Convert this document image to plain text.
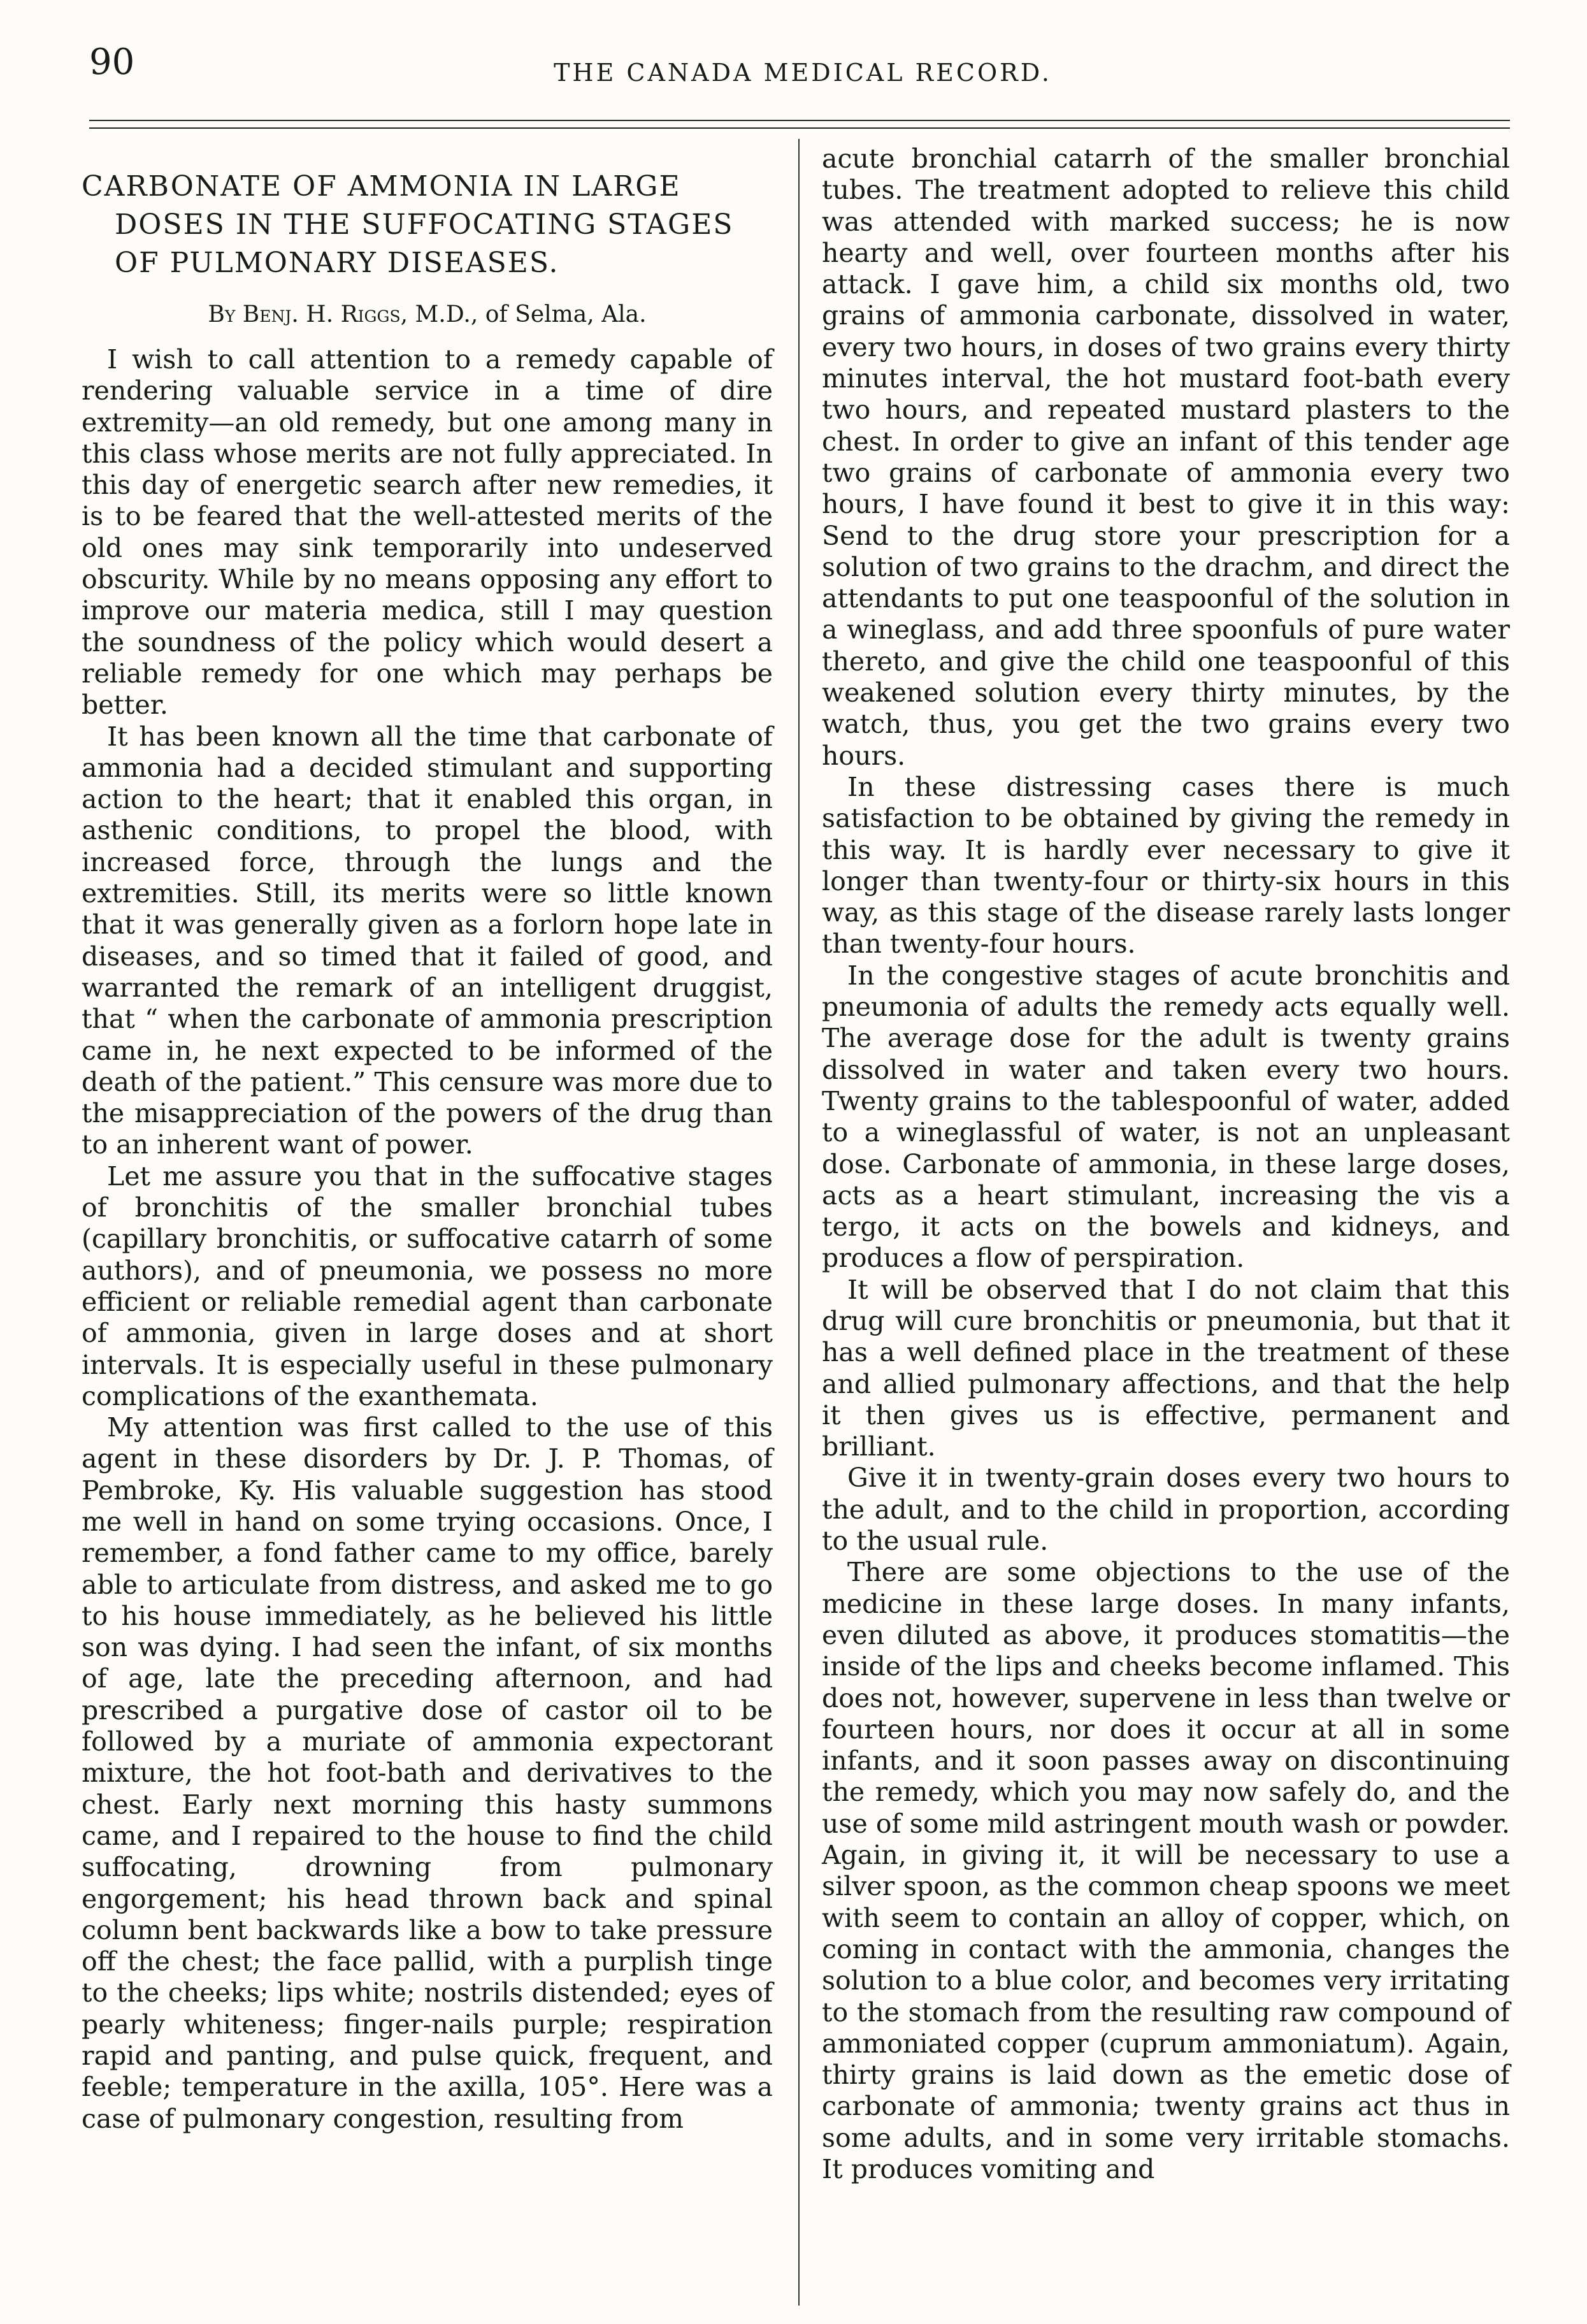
90	THE CANADA MEDICAL RECORD.
CARBONATE OF AMMONIA IN LARGE DOSES IN THE SUFFOCATING STAGES OF PULMONARY DISEASES.
By Benj. H. Riggs, M.D., of Selma, Ala.

I wish to call attention to a remedy capable of rendering valuable service in a time of dire extremity—an old remedy, but one among many in this class whose merits are not fully appreciated. In this day of energetic search after new remedies, it is to be feared that the well-attested merits of the old ones may sink temporarily into undeserved obscurity. While by no means opposing any effort to improve our materia medica, still I may question the soundness of the policy which would desert a reliable remedy for one which may perhaps be better.

It has been known all the time that carbonate of ammonia had a decided stimulant and supporting action to the heart; that it enabled this organ, in asthenic conditions, to propel the blood, with increased force, through the lungs and the extremities. Still, its merits were so little known that it was generally given as a forlorn hope late in diseases, and so timed that it failed of good, and warranted the remark of an intelligent druggist, that “ when the carbonate of ammonia prescription came in, he next expected to be informed of the death of the patient.” This censure was more due to the misappreciation of the powers of the drug than to an inherent want of power.

Let me assure you that in the suffocative stages of bronchitis of the smaller bronchial tubes (capillary bronchitis, or suffocative catarrh of some authors), and of pneumonia, we possess no more efficient or reliable remedial agent than carbonate of ammonia, given in large doses and at short intervals. It is especially useful in these pulmonary complications of the exanthemata.

My attention was first called to the use of this agent in these disorders by Dr. J. P. Thomas, of Pembroke, Ky. His valuable suggestion has stood me well in hand on some trying occasions. Once, I remember, a fond father came to my office, barely able to articulate from distress, and asked me to go to his house immediately, as he believed his little son was dying. I had seen the infant, of six months of age, late the preceding afternoon, and had prescribed a purgative dose of castor oil to be followed by a muriate of ammonia expectorant mixture, the hot foot-bath and derivatives to the chest. Early next morning this hasty summons came, and I repaired to the house to find the child suffocating, drowning from pulmonary engorgement; his head thrown back and spinal column bent backwards like a bow to take pressure off the chest; the face pallid, with a purplish tinge to the cheeks; lips white; nostrils distended; eyes of pearly whiteness; finger-nails purple; respiration rapid and panting, and pulse quick, frequent, and feeble; temperature in the axilla, 105°. Here was a case of pulmonary congestion, resulting from

acute bronchial catarrh of the smaller bronchial tubes. The treatment adopted to relieve this child was attended with marked success; he is now hearty and well, over fourteen months after his attack. I gave him, a child six months old, two grains of ammonia carbonate, dissolved in water, every two hours, in doses of two grains every thirty minutes interval, the hot mustard foot-bath every two hours, and repeated mustard plasters to the chest. In order to give an infant of this tender age two grains of carbonate of ammonia every two hours, I have found it best to give it in this way: Send to the drug store your prescription for a solution of two grains to the drachm, and direct the attendants to put one teaspoonful of the solution in a wineglass, and add three spoonfuls of pure water thereto, and give the child one teaspoonful of this weakened solution every thirty minutes, by the watch, thus, you get the two grains every two hours.

In these distressing cases there is much satisfaction to be obtained by giving the remedy in this way. It is hardly ever necessary to give it longer than twenty-four or thirty-six hours in this way, as this stage of the disease rarely lasts longer than twenty-four hours.

In the congestive stages of acute bronchitis and pneumonia of adults the remedy acts equally well. The average dose for the adult is twenty grains dissolved in water and taken every two hours. Twenty grains to the tablespoonful of water, added to a wineglassful of water, is not an unpleasant dose. Carbonate of ammonia, in these large doses, acts as a heart stimulant, increasing the vis a tergo, it acts on the bowels and kidneys, and produces a flow of perspiration.

It will be observed that I do not claim that this drug will cure bronchitis or pneumonia, but that it has a well defined place in the treatment of these and allied pulmonary affections, and that the help it then gives us is effective, permanent and brilliant.

Give it in twenty-grain doses every two hours to the adult, and to the child in proportion, according to the usual rule.

There are some objections to the use of the medicine in these large doses. In many infants, even diluted as above, it produces stomatitis—the inside of the lips and cheeks become inflamed. This does not, however, supervene in less than twelve or fourteen hours, nor does it occur at all in some infants, and it soon passes away on discontinuing the remedy, which you may now safely do, and the use of some mild astringent mouth wash or powder. Again, in giving it, it will be necessary to use a silver spoon, as the common cheap spoons we meet with seem to contain an alloy of copper, which, on coming in contact with the ammonia, changes the solution to a blue color, and becomes very irritating to the stomach from the resulting raw compound of ammoniated copper (cuprum ammoniatum). Again, thirty grains is laid down as the emetic dose of carbonate of ammonia; twenty grains act thus in some adults, and in some very irritable stomachs. It produces vomiting and
